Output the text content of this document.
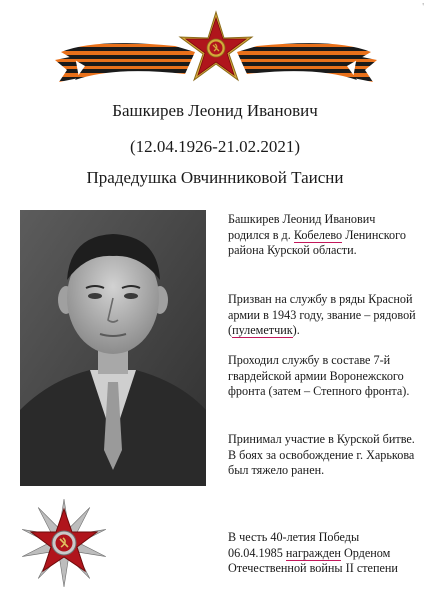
'
Башкирев Леонид Иванович
(12.04.1926-21.02.2021)
Прадедушка Овчинниковой Таисни
Башкирев Леонид Иванович родился в д. Кобелево Ленинского района Курской области.
Призван на службу в ряды Красной армии в 1943 году, звание – рядовой (пулеметчик).
Проходил службу в составе 7-й гвардейской армии Воронежского фронта (затем – Степного фронта).
Принимал участие в Курской битве. В боях за освобождение г. Харькова был тяжело ранен.
В честь 40-летия Победы
06.04.1985 награжден Орденом Отечественной войны II степени
